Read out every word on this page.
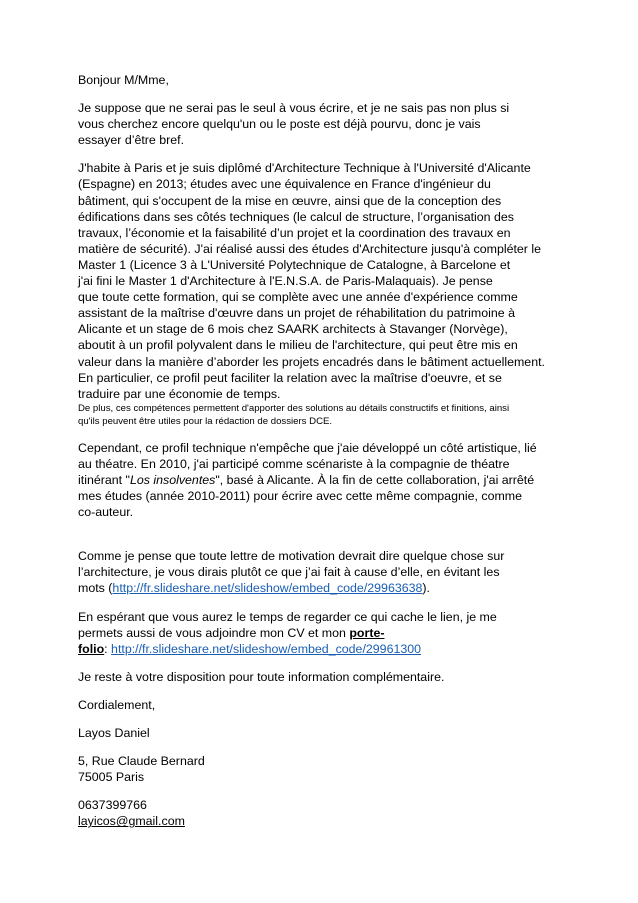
Bonjour M/Mme,
Je suppose que ne serai pas le seul à vous écrire, et je ne sais pas non plus si
vous cherchez encore quelqu'un ou le poste est déjà pourvu, donc je vais
essayer d’être bref.
J'habite à Paris et je suis diplômé d'Architecture Technique à l'Université d'Alicante
(Espagne) en 2013; études avec une équivalence en France d'ingénieur du
bâtiment, qui s'occupent de la mise en œuvre, ainsi que de la conception des
édifications dans ses côtés techniques (le calcul de structure, l’organisation des
travaux, l’économie et la faisabilité d’un projet et la coordination des travaux en
matière de sécurité). J'ai réalisé aussi des études d'Architecture jusqu'à compléter le
Master 1 (Licence 3 à L'Université Polytechnique de Catalogne, à Barcelone et
j'ai fini le Master 1 d'Architecture à l'E.N.S.A. de Paris-Malaquais). Je pense
que toute cette formation, qui se complète avec une année d'expérience comme
assistant de la maîtrise d'œuvre dans un projet de réhabilitation du patrimoine à
Alicante et un stage de 6 mois chez SAARK architects à Stavanger (Norvège),
aboutit à un profil polyvalent dans le milieu de l'architecture, qui peut être mis en
valeur dans la manière d’aborder les projets encadrés dans le bâtiment actuellement.
En particulier, ce profil peut faciliter la relation avec la maîtrise d'oeuvre, et se
traduire par une économie de temps.
De plus, ces compétences permettent d'apporter des solutions au détails constructifs et finitions, ainsi
qu'ils peuvent être utiles pour la rédaction de dossiers DCE.
Cependant, ce profil technique n'empêche que j'aie développé un côté artistique, lié
au théatre. En 2010, j'ai participé comme scénariste à la compagnie de théatre
itinérant "Los insolventes", basé à Alicante. À la fin de cette collaboration, j'ai arrêté
mes études (année 2010-2011) pour écrire avec cette même compagnie, comme
co-auteur.
Comme je pense que toute lettre de motivation devrait dire quelque chose sur
l’architecture, je vous dirais plutôt ce que j’ai fait à cause d’elle, en évitant les
mots (http://fr.slideshare.net/slideshow/embed_code/29963638).
En espérant que vous aurez le temps de regarder ce qui cache le lien, je me
permets aussi de vous adjoindre mon CV et mon porte-
folio: http://fr.slideshare.net/slideshow/embed_code/29961300
Je reste à votre disposition pour toute information complémentaire.
Cordialement,
Layos Daniel
5, Rue Claude Bernard
75005 Paris
0637399766
layicos@gmail.com
